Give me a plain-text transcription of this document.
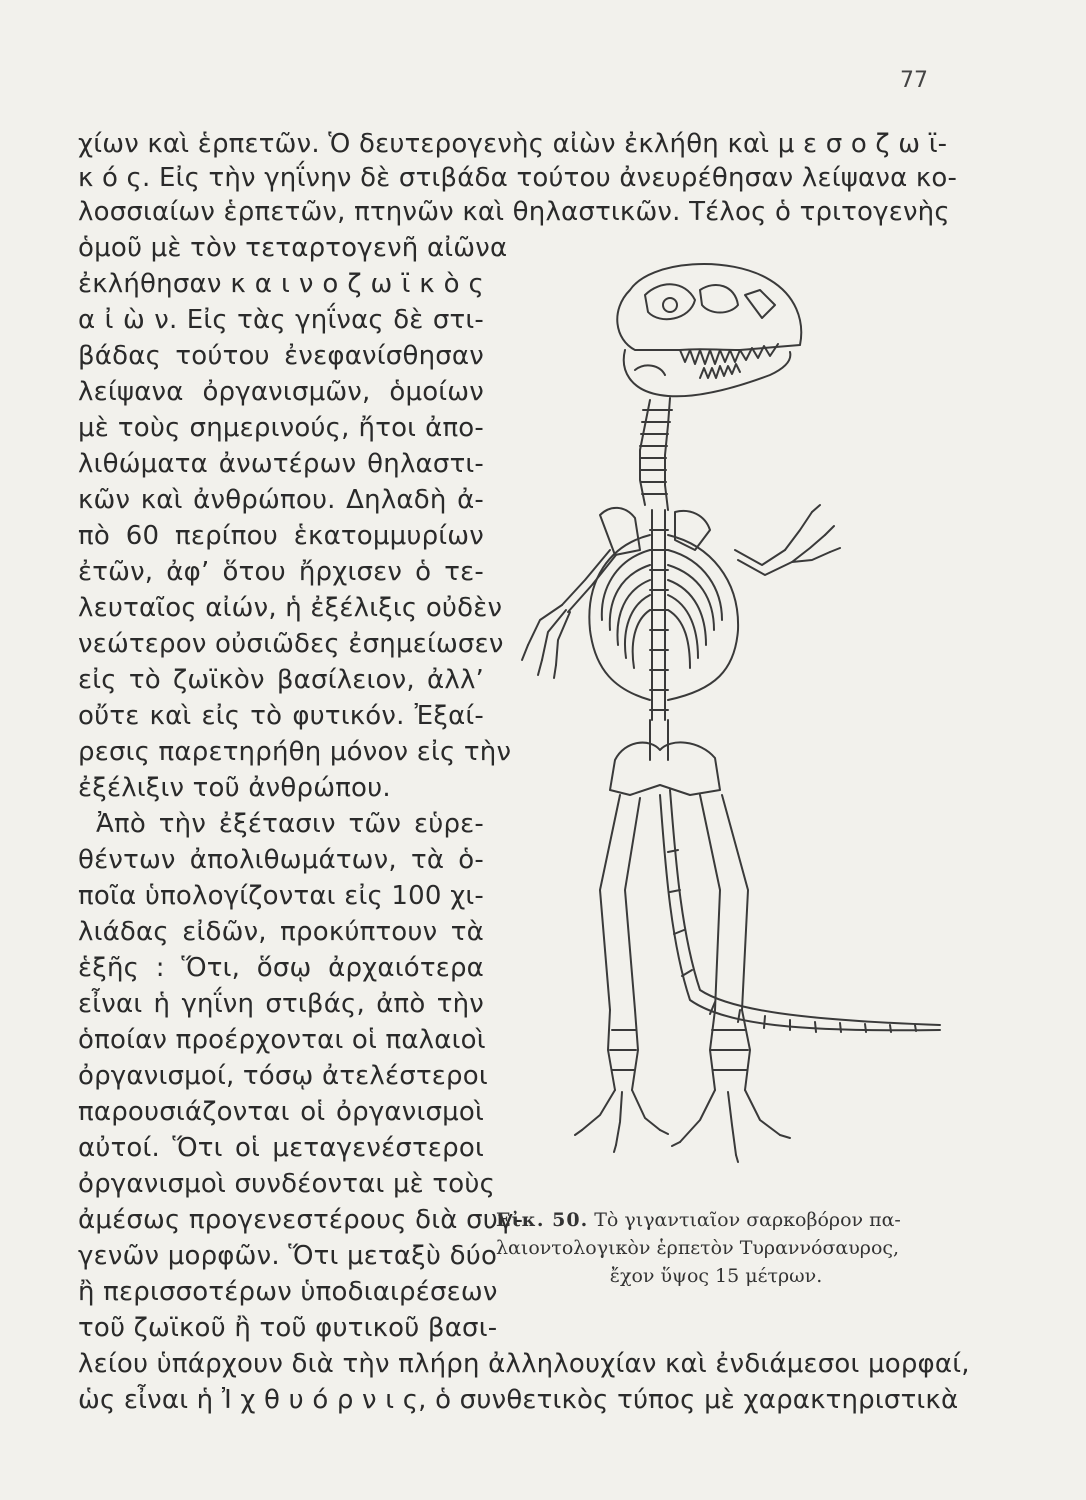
77
χίων καὶ ἑρπετῶν. Ὁ δευτερογενὴς αἰὼν ἐκλήθη καὶ μ ε σ ο ζ ω ϊ-
κ ό ς. Εἰς τὴν γηΐνην δὲ στιβάδα τούτου ἀνευρέθησαν λείψανα κο-
λοσσιαίων ἑρπετῶν, πτηνῶν καὶ θηλαστικῶν. Τέλος ὁ τριτογενὴς
ὁμοῦ μὲ τὸν τεταρτογενῆ αἰῶνα
ἐκλήθησαν κ α ι ν ο ζ ω ϊ κ ὸ ς
α ἰ ὼ ν. Εἰς τὰς γηΐνας δὲ στι-
βάδας τούτου ἐνεφανίσθησαν
λείψανα ὀργανισμῶν, ὁμοίων
μὲ τοὺς σημερινούς, ἤτοι ἀπο-
λιθώματα ἀνωτέρων θηλαστι-
κῶν καὶ ἀνθρώπου. Δηλαδὴ ἀ-
πὸ 60 περίπου ἑκατομμυρίων
ἐτῶν, ἀφ’ ὅτου ἤρχισεν ὁ τε-
λευταῖος αἰών, ἡ ἐξέλιξις οὐδὲν
νεώτερον οὐσιῶδες ἐσημείωσεν
εἰς τὸ ζωϊκὸν βασίλειον, ἀλλ’
οὔτε καὶ εἰς τὸ φυτικόν. Ἐξαί-
ρεσις παρετηρήθη μόνον εἰς τὴν
ἐξέλιξιν τοῦ ἀνθρώπου.
Ἀπὸ τὴν ἐξέτασιν τῶν εὑρε-
θέντων ἀπολιθωμάτων, τὰ ὁ-
ποῖα ὑπολογίζονται εἰς 100 χι-
λιάδας εἰδῶν, προκύπτουν τὰ
ἑξῆς : Ὅτι, ὅσῳ ἀρχαιότερα
εἶναι ἡ γηΐνη στιβάς, ἀπὸ τὴν
ὁποίαν προέρχονται οἱ παλαιοὶ
ὀργανισμοί, τόσῳ ἀτελέστεροι
παρουσιάζονται οἱ ὀργανισμοὶ
αὐτοί. Ὅτι οἱ μεταγενέστεροι
ὀργανισμοὶ συνδέονται μὲ τοὺς
ἀμέσως προγενεστέρους διὰ συγ-
γενῶν μορφῶν. Ὅτι μεταξὺ δύο
ἢ περισσοτέρων ὑποδιαιρέσεων
τοῦ ζωϊκοῦ ἢ τοῦ φυτικοῦ βασι-
λείου ὑπάρχουν διὰ τὴν πλήρη ἀλληλουχίαν καὶ ἐνδιάμεσοι μορφαί,
ὡς εἶναι ἡ Ἰ χ θ υ ό ρ ν ι ς, ὁ συνθετικὸς τύπος μὲ χαρακτηριστικὰ
Εἰκ. 50. Τὸ γιγαντιαῖον σαρκοβόρον πα-
λαιοντολογικὸν ἑρπετὸν Τυραννόσαυρος,
ἔχον ὕψος 15 μέτρων.
